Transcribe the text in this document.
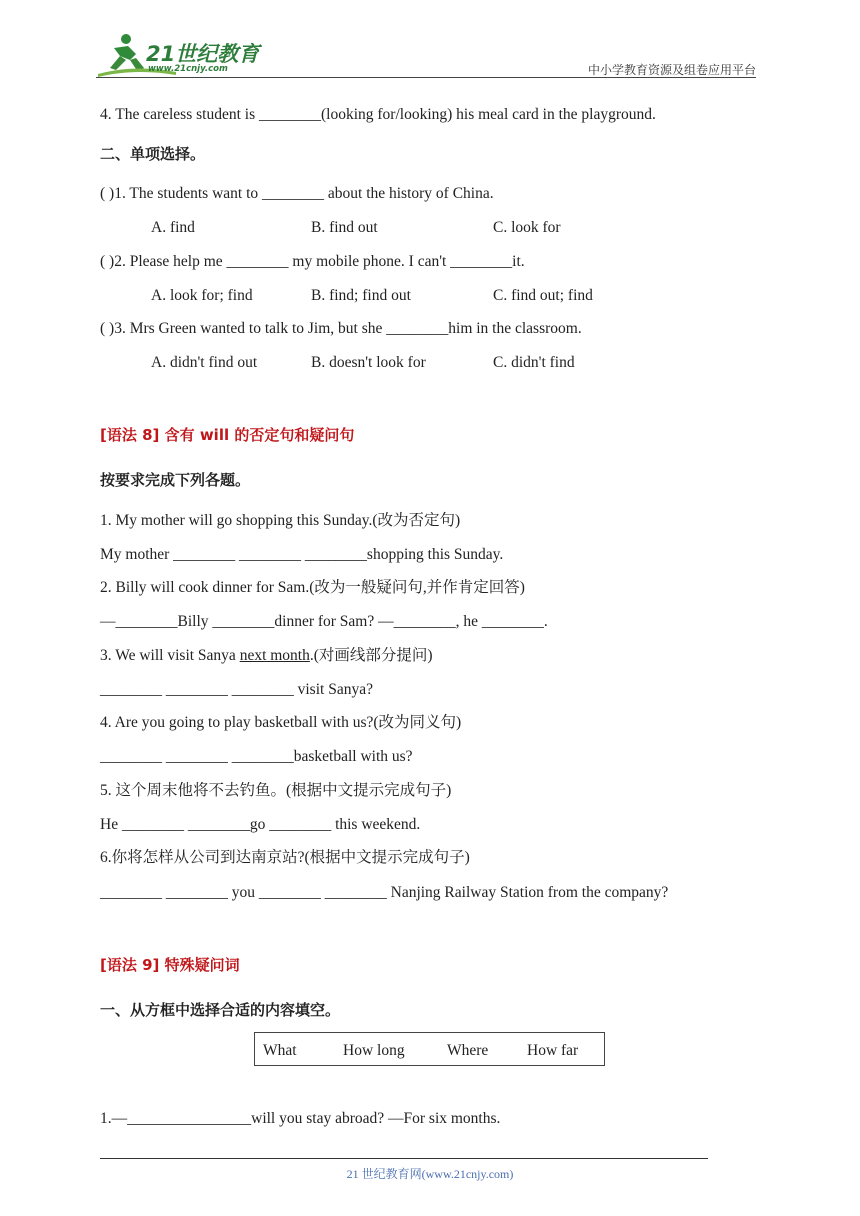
21世纪教育
www.21cnjy.com	中小学教育资源及组卷应用平台
4. The careless student is ________(looking for/looking) his meal card in the playground.
二、单项选择。
( )1. The students want to ________ about the history of China.
A. find	B. find out	C. look for
( )2. Please help me ________ my mobile phone. I can't ________it.
A. look for; find	B. find; find out	C. find out; find
( )3. Mrs Green wanted to talk to Jim, but she ________him in the classroom.
A. didn't find out	B. doesn't look for	C. didn't find
[语法 8] 含有 will 的否定句和疑问句
按要求完成下列各题。
1. My mother will go shopping this Sunday.(改为否定句)
My mother ________ ________ ________shopping this Sunday.
2. Billy will cook dinner for Sam.(改为一般疑问句,并作肯定回答)
—________Billy ________dinner for Sam? —________, he ________.
3. We will visit Sanya next month.(对画线部分提问)
________ ________ ________ visit Sanya?
4. Are you going to play basketball with us?(改为同义句)
________ ________ ________basketball with us?
5. 这个周末他将不去钓鱼。(根据中文提示完成句子)
He ________ ________go ________ this weekend.
6.你将怎样从公司到达南京站?(根据中文提示完成句子)
________ ________ you ________ ________ Nanjing Railway Station from the company?
[语法 9] 特殊疑问词
一、从方框中选择合适的内容填空。
What	How long	Where How far
1.—________________will you stay abroad? —For six months.
21 世纪教育网(www.21cnjy.com)
